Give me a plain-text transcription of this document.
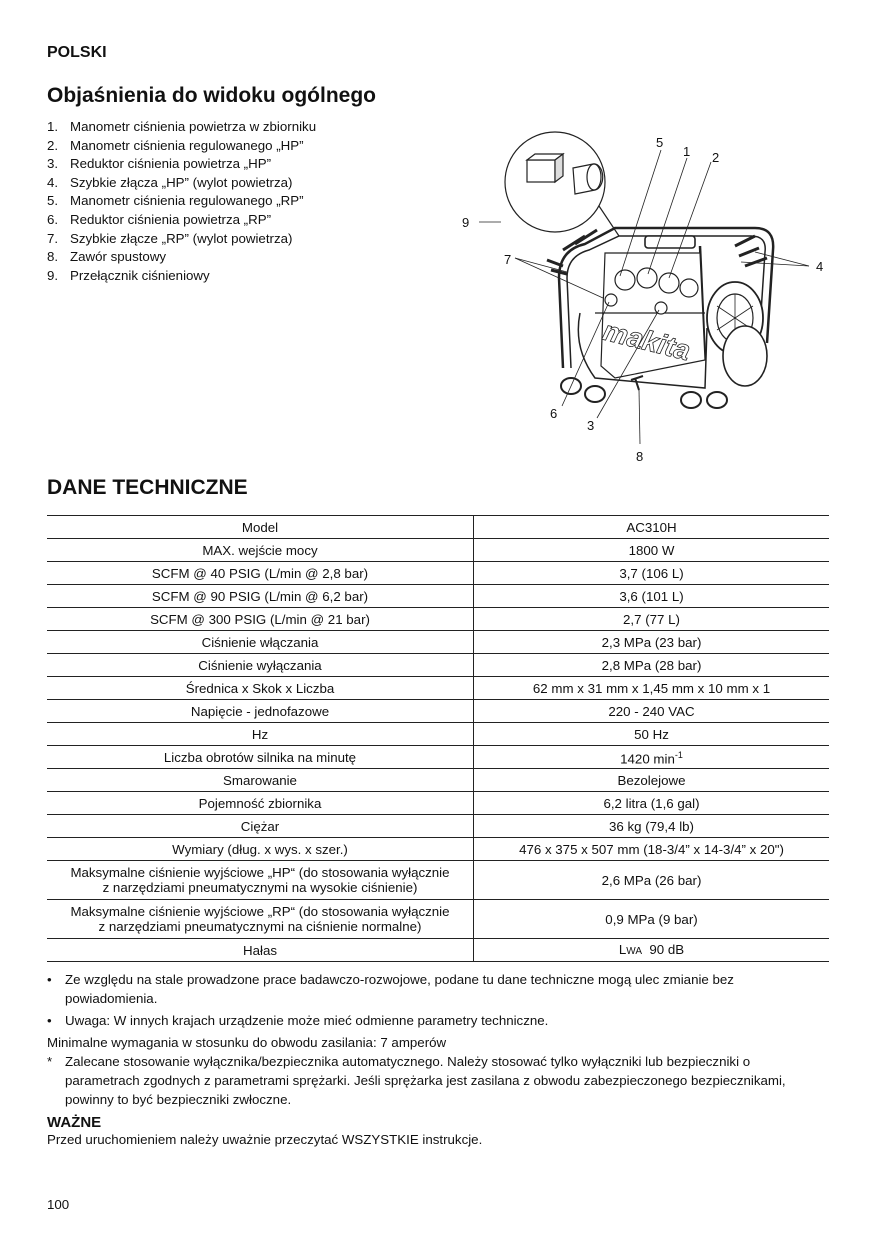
POLSKI
Objaśnienia do widoku ogólnego
1. Manometr ciśnienia powietrza w zbiorniku
2. Manometr ciśnienia regulowanego „HP”
3. Reduktor ciśnienia powietrza „HP”
4. Szybkie złącza „HP” (wylot powietrza)
5. Manometr ciśnienia regulowanego „RP”
6. Reduktor ciśnienia powietrza „RP”
7. Szybkie złącze „RP” (wylot powietrza)
8. Zawór spustowy
9. Przełącznik ciśnieniowy
makita
5
1 2
9
7	4
6
3
8
DANE TECHNICZNE
Model	AC310H
MAX. wejście mocy	1800 W
SCFM @ 40 PSIG (L/min @ 2,8 bar)	3,7 (106 L)
SCFM @ 90 PSIG (L/min @ 6,2 bar)	3,6 (101 L)
SCFM @ 300 PSIG (L/min @ 21 bar)	2,7 (77 L)
Ciśnienie włączania	2,3 MPa (23 bar)
Ciśnienie wyłączania	2,8 MPa (28 bar)
Średnica x Skok x Liczba	62 mm x 31 mm x 1,45 mm x 10 mm x 1
Napięcie - jednofazowe	220 - 240 VAC
Hz	50 Hz
Liczba obrotów silnika na minutę	1420 $\min^{-1}$
Smarowanie	Bezolejowe
Pojemność zbiornika	6,2 litra (1,6 gal)
Ciężar	36 kg (79,4 lb)
Wymiary (dług. x wys. x szer.)	476 x 375 x 507 mm (18-3/4” x 14-3/4” x 20")

Maksymalne ciśnienie wyjściowe „HP“ (do stosowania wyłącznie
z narzędziami pneumatycznymi na wysokie ciśnienie)	2,6 MPa (26 bar)

Maksymalne ciśnienie wyjściowe „RP“ (do stosowania wyłącznie
z narzędziami pneumatycznymi na ciśnienie normalne)	0,9 MPa (9 bar)
Hałas	LWA 90 dB
•	Ze względu na stale prowadzone prace badawczo-rozwojowe, podane tu dane techniczne mogą ulec zmianie bez powiadomienia.
•	Uwaga: W innych krajach urządzenie może mieć odmienne parametry techniczne.
Minimalne wymagania w stosunku do obwodu zasilania: 7 amperów
* Zalecane stosowanie wyłącznika/bezpiecznika automatycznego. Należy stosować tylko wyłączniki lub bezpieczniki o parametrach zgodnych z parametrami sprężarki. Jeśli sprężarka jest zasilana z obwodu zabezpieczonego bezpiecznikami, powinny to być bezpieczniki zwłoczne.
WAŻNE
Przed uruchomieniem należy uważnie przeczytać WSZYSTKIE instrukcje.
100
